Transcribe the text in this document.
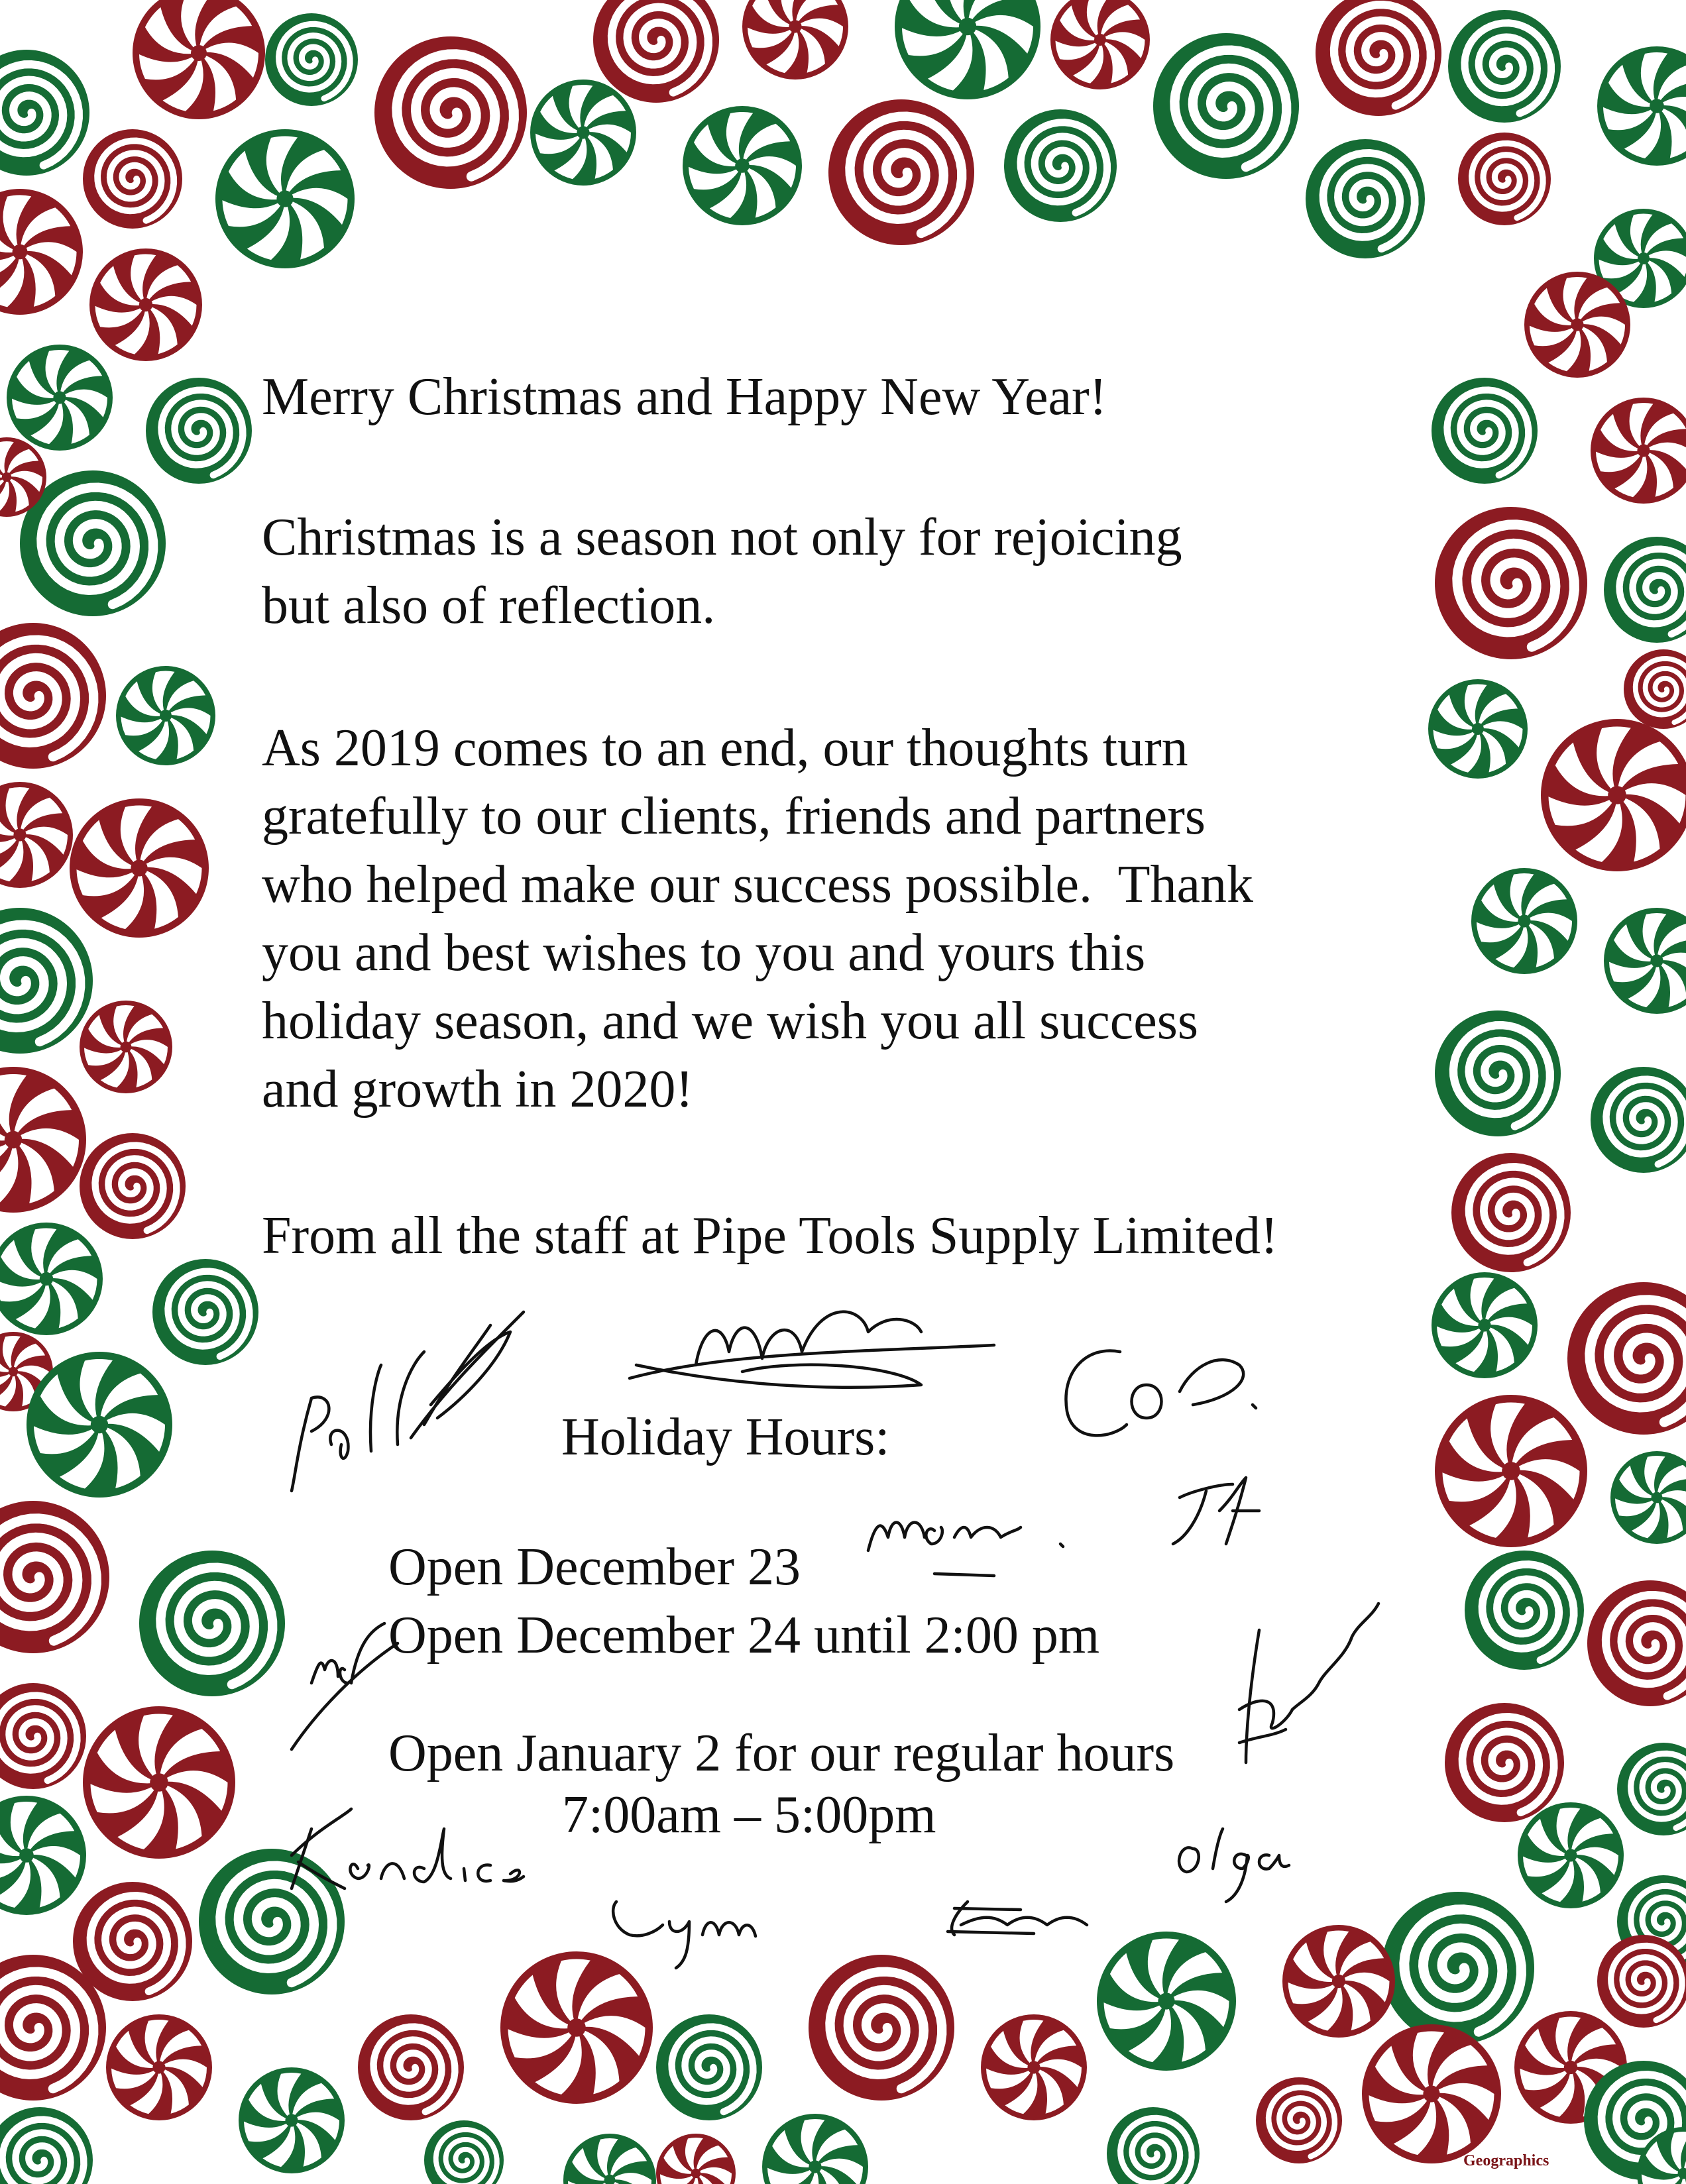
Merry Christmas and Happy New Year!
Christmas is a season not only for rejoicing
but also of reflection.
As 2019 comes to an end, our thoughts turn
gratefully to our clients, friends and partners
who helped make our success possible.  Thank
you and best wishes to you and yours this
holiday season, and we wish you all success
and growth in 2020!
From all the staff at Pipe Tools Supply Limited!
Holiday Hours:
Open December 23
Open December 24 until 2:00 pm
Open January 2 for our regular hours
7:00am – 5:00pm
Geographics
